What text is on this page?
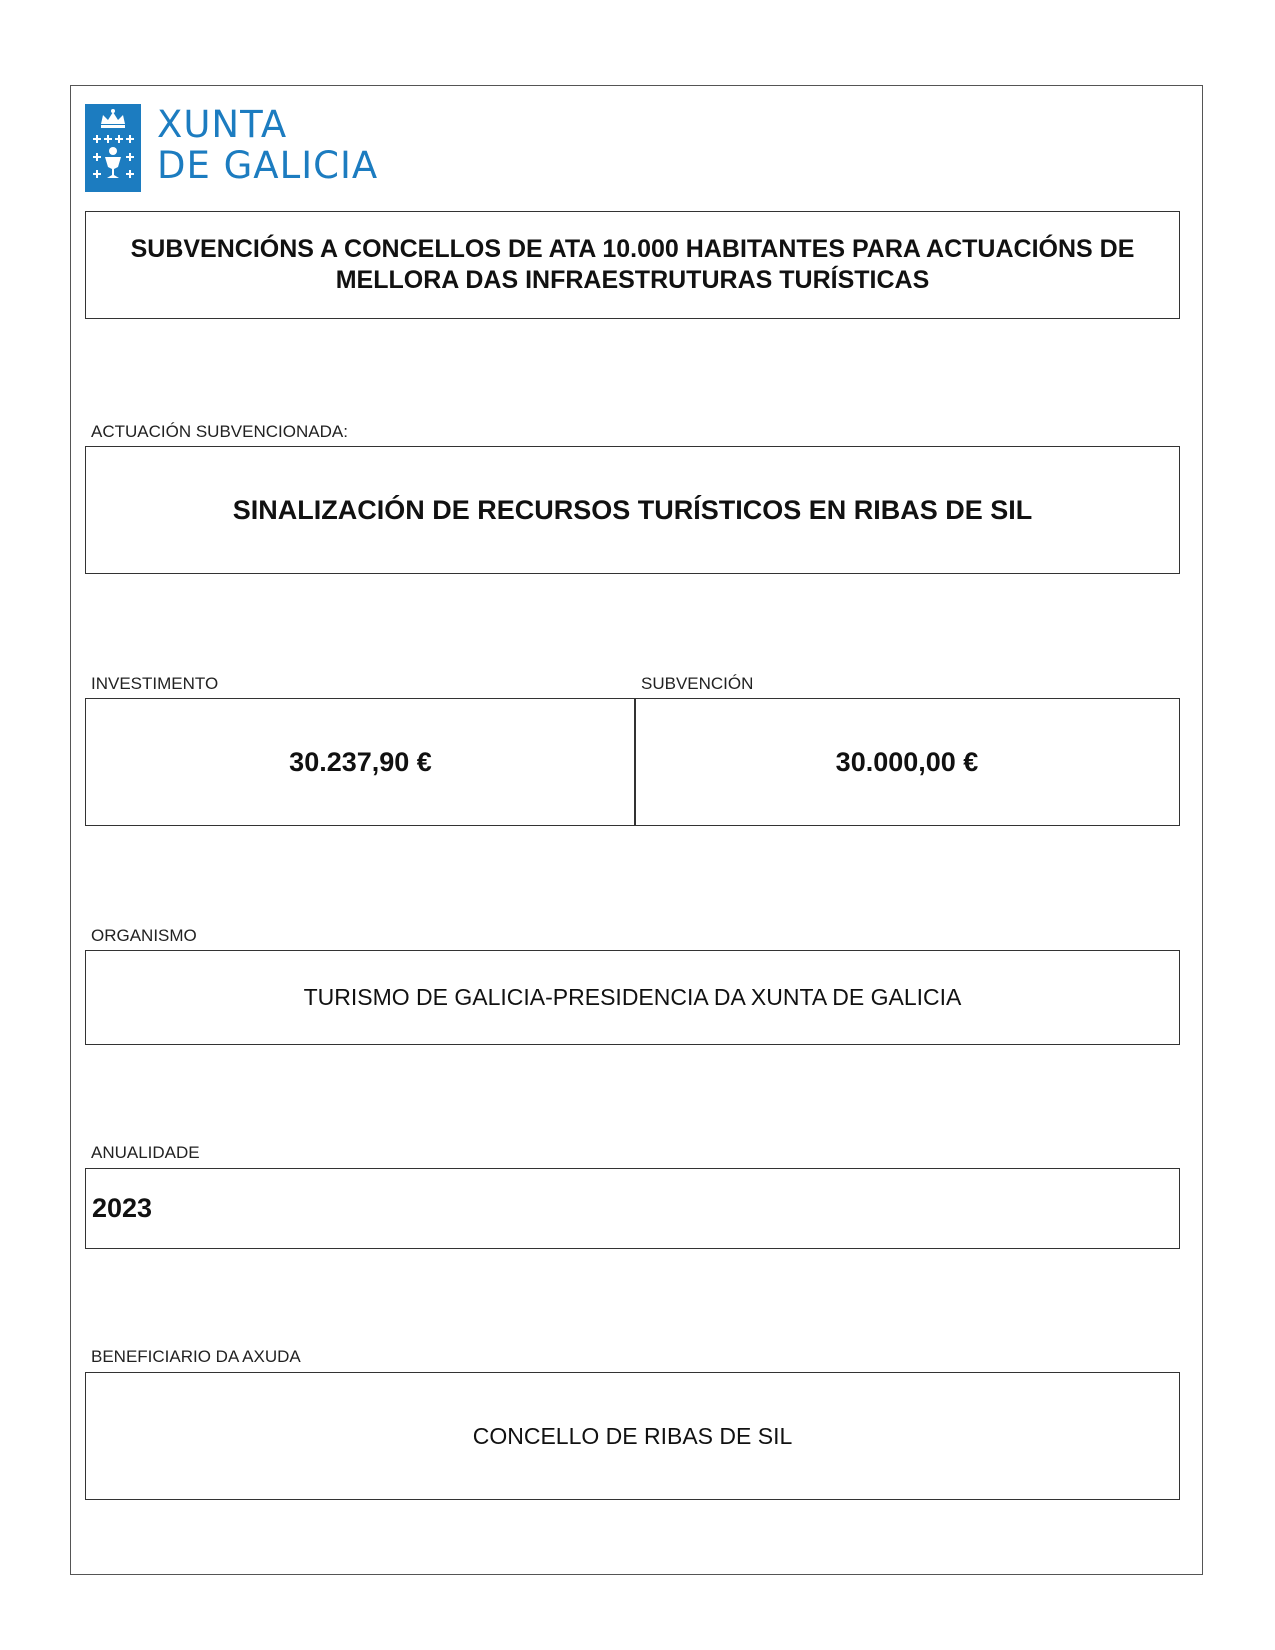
XUNTA
DE GALICIA
SUBVENCIÓNS A CONCELLOS DE ATA 10.000 HABITANTES PARA ACTUACIÓNS DE MELLORA DAS INFRAESTRUTURAS TURÍSTICAS
ACTUACIÓN SUBVENCIONADA:
SINALIZACIÓN DE RECURSOS TURÍSTICOS EN RIBAS DE SIL
INVESTIMENTO	SUBVENCIÓN
30.237,90 €	30.000,00 €
ORGANISMO
TURISMO DE GALICIA-PRESIDENCIA DA XUNTA DE GALICIA
ANUALIDADE
2023
BENEFICIARIO DA AXUDA
CONCELLO DE RIBAS DE SIL
